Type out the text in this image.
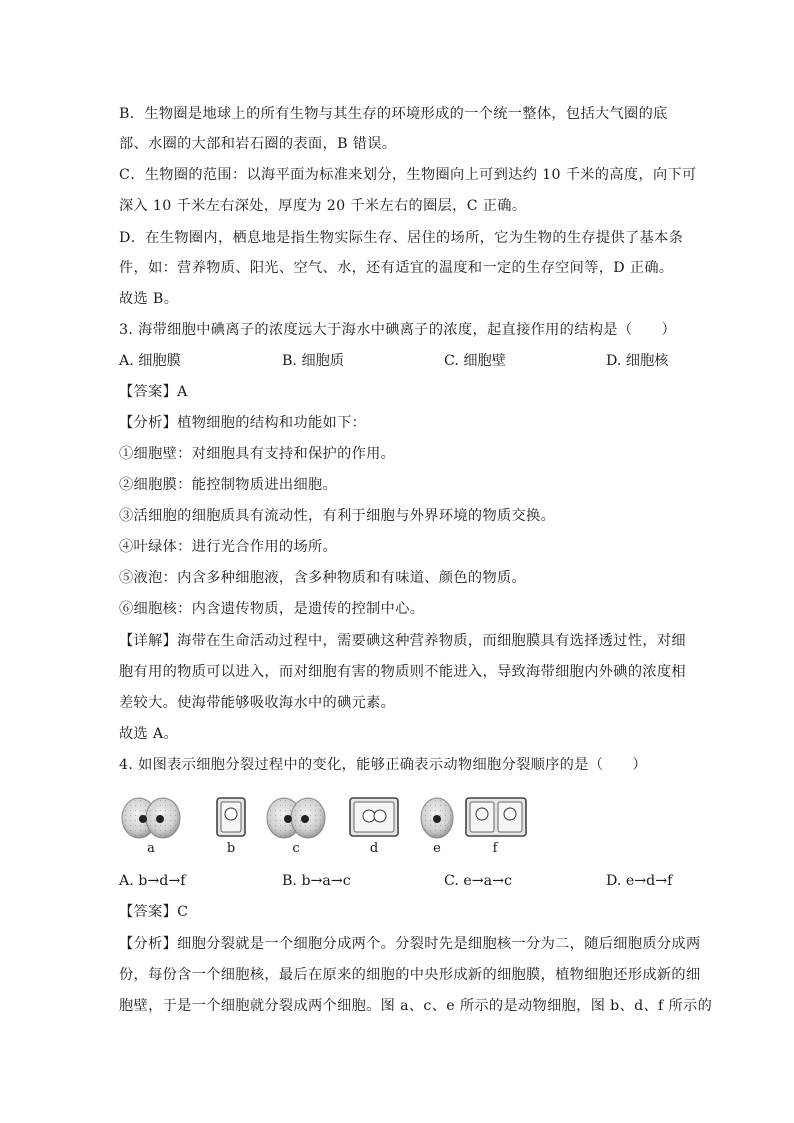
B．生物圈是地球上的所有生物与其生存的环境形成的一个统一整体，包括大气圈的底
部、水圈的大部和岩石圈的表面，B 错误。
C．生物圈的范围：以海平面为标准来划分，生物圈向上可到达约 10 千米的高度，向下可
深入 10 千米左右深处，厚度为 20 千米左右的圈层，C 正确。
D．在生物圈内，栖息地是指生物实际生存、居住的场所，它为生物的生存提供了基本条
件，如：营养物质、阳光、空气、水，还有适宜的温度和一定的生存空间等，D 正确。
故选 B。
3. 海带细胞中碘离子的浓度远大于海水中碘离子的浓度，起直接作用的结构是（　　）
A. 细胞膜	B. 细胞质	C. 细胞壁	D. 细胞核
【答案】A
【分析】植物细胞的结构和功能如下：
①细胞壁：对细胞具有支持和保护的作用。
②细胞膜：能控制物质进出细胞。
③活细胞的细胞质具有流动性，有利于细胞与外界环境的物质交换。
④叶绿体：进行光合作用的场所。
⑤液泡：内含多种细胞液，含多种物质和有味道、颜色的物质。
⑥细胞核：内含遗传物质，是遗传的控制中心。
【详解】海带在生命活动过程中，需要碘这种营养物质，而细胞膜具有选择透过性，对细
胞有用的物质可以进入，而对细胞有害的物质则不能进入，导致海带细胞内外碘的浓度相
差较大。使海带能够吸收海水中的碘元素。
故选 A。
4. 如图表示细胞分裂过程中的变化，能够正确表示动物细胞分裂顺序的是（　　）
a	b	c	d	e	f
A. b→d→f	B. b→a→c	C. e→a→c	D. e→d→f
【答案】C
【分析】细胞分裂就是一个细胞分成两个。分裂时先是细胞核一分为二，随后细胞质分成两
份，每份含一个细胞核，最后在原来的细胞的中央形成新的细胞膜，植物细胞还形成新的细
胞壁，于是一个细胞就分裂成两个细胞。图 a、c、e 所示的是动物细胞，图 b、d、f 所示的
